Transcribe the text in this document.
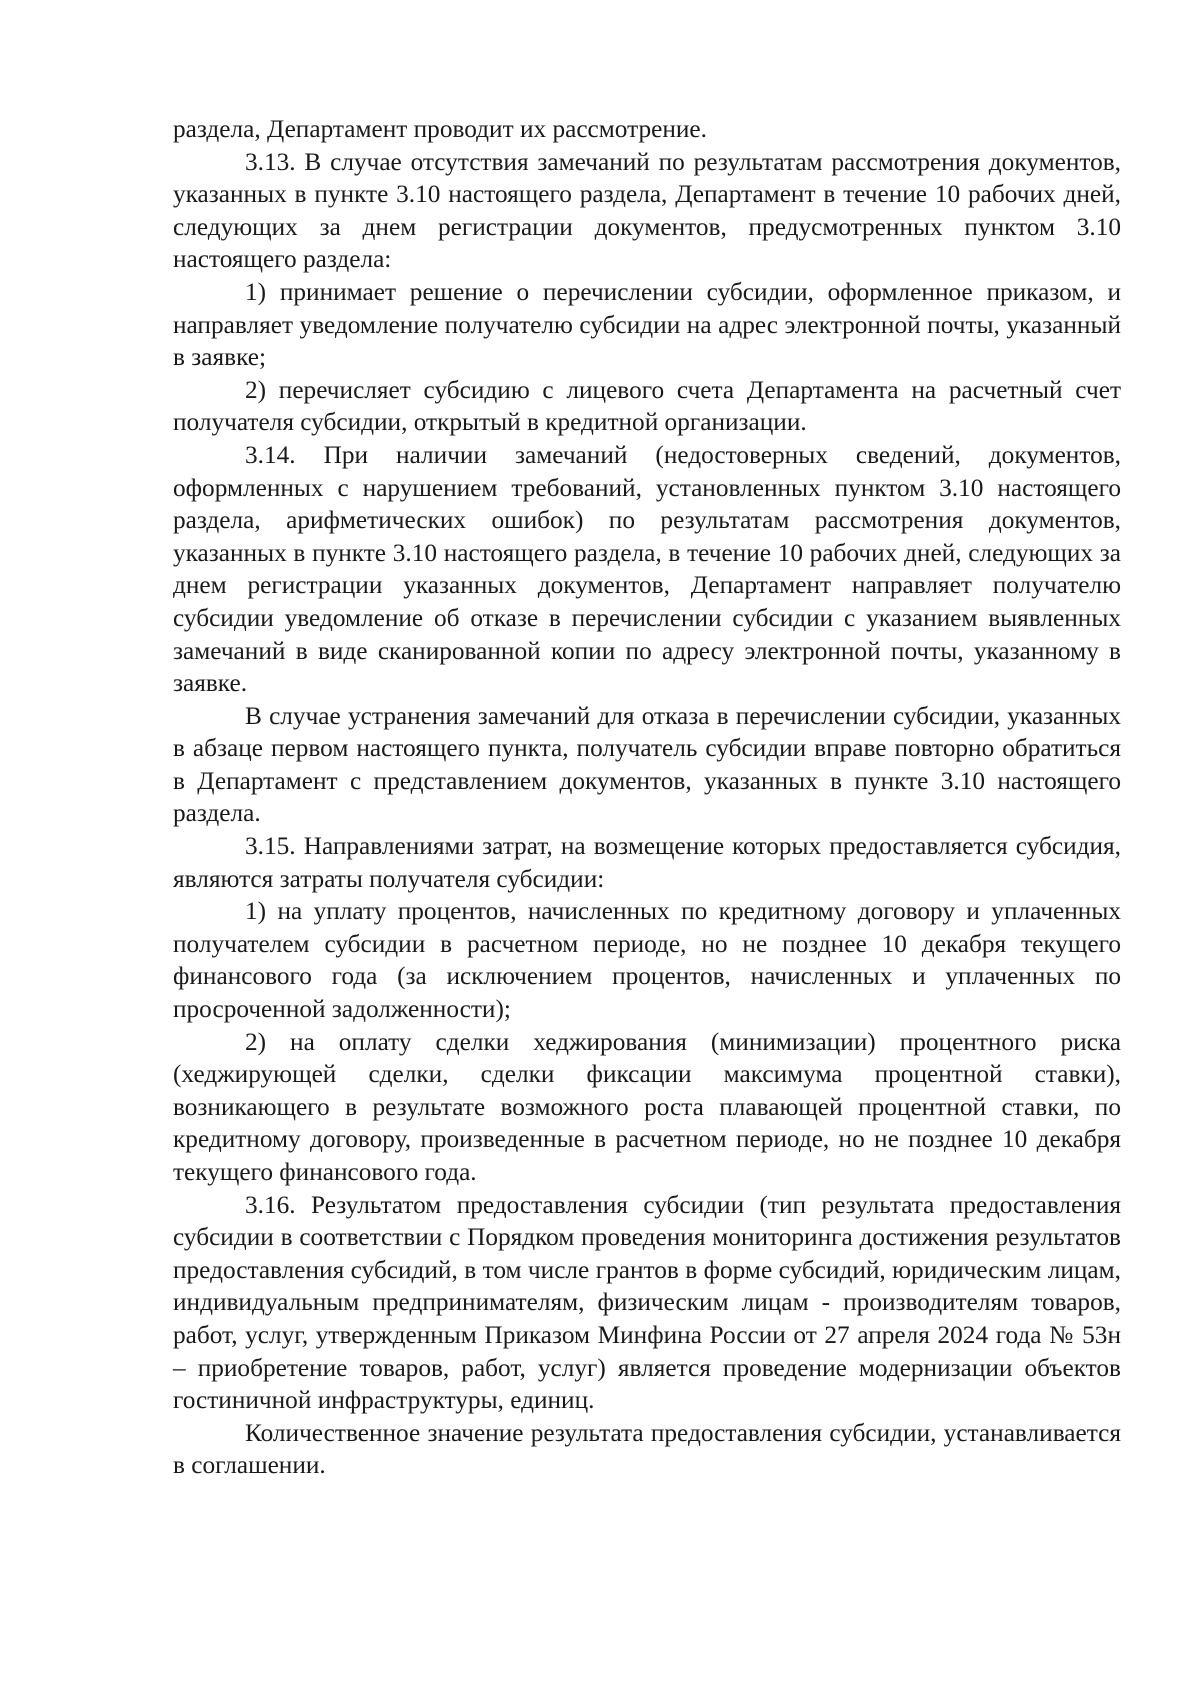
раздела, Департамент проводит их рассмотрение.

3.13. В случае отсутствия замечаний по результатам рассмотрения документов, указанных в пункте 3.10 настоящего раздела, Департамент в течение 10 рабочих дней, следующих за днем регистрации документов, предусмотренных пунктом 3.10 настоящего раздела:

1) принимает решение о перечислении субсидии, оформленное приказом, и направляет уведомление получателю субсидии на адрес электронной почты, указанный в заявке;

2) перечисляет субсидию с лицевого счета Департамента на расчетный счет получателя субсидии, открытый в кредитной организации.

3.14. При наличии замечаний (недостоверных сведений, документов, оформленных с нарушением требований, установленных пунктом 3.10 настоящего раздела, арифметических ошибок) по результатам рассмотрения документов, указанных в пункте 3.10 настоящего раздела, в течение 10 рабочих дней, следующих за днем регистрации указанных документов, Департамент направляет получателю субсидии уведомление об отказе в перечислении субсидии с указанием выявленных замечаний в виде сканированной копии по адресу электронной почты, указанному в заявке.

В случае устранения замечаний для отказа в перечислении субсидии, указанных в абзаце первом настоящего пункта, получатель субсидии вправе повторно обратиться в Департамент с представлением документов, указанных в пункте 3.10 настоящего раздела.

3.15. Направлениями затрат, на возмещение которых предоставляется субсидия, являются затраты получателя субсидии:

1) на уплату процентов, начисленных по кредитному договору и уплаченных получателем субсидии в расчетном периоде, но не позднее 10 декабря текущего финансового года (за исключением процентов, начисленных и уплаченных по просроченной задолженности);

2) на оплату сделки хеджирования (минимизации) процентного риска (хеджирующей сделки, сделки фиксации максимума процентной ставки), возникающего в результате возможного роста плавающей процентной ставки, по кредитному договору, произведенные в расчетном периоде, но не позднее 10 декабря текущего финансового года.

3.16. Результатом предоставления субсидии (тип результата предоставления субсидии в соответствии с Порядком проведения мониторинга достижения результатов предоставления субсидий, в том числе грантов в форме субсидий, юридическим лицам, индивидуальным предпринимателям, физическим лицам - производителям товаров, работ, услуг, утвержденным Приказом Минфина России от 27 апреля 2024 года № 53н – приобретение товаров, работ, услуг) является проведение модернизации объектов гостиничной инфраструктуры, единиц.

Количественное значение результата предоставления субсидии, устанавливается в соглашении.
